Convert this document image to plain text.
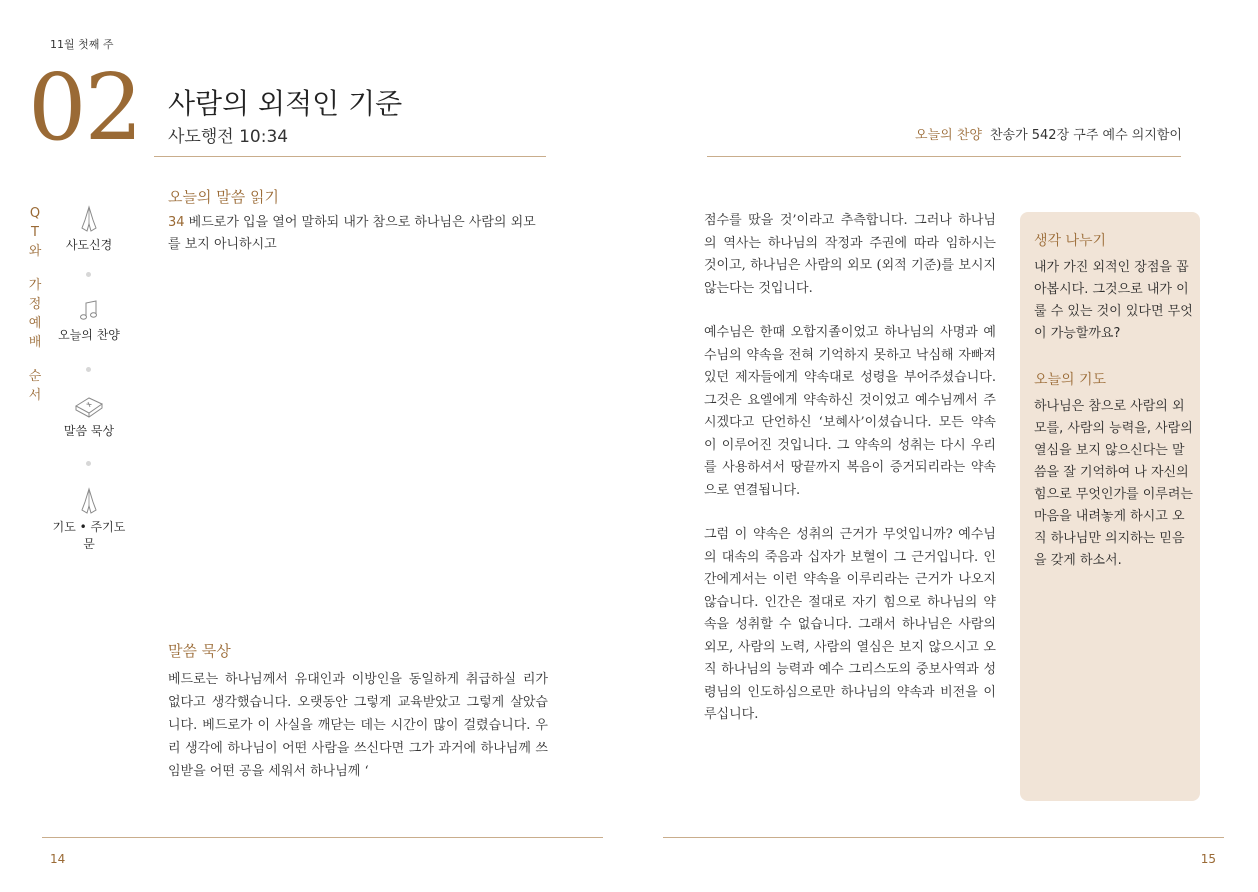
11월 첫째 주
02 사람의 외적인 기준
사도행전 10:34	오늘의 찬양 찬송가 542장 구주 예수 의지함이
Q
T
와
가
정
예
배
순
서
사도신경
오늘의 찬양
말씀 묵상
기도 • 주기도문
오늘의 말씀 읽기
34 베드로가 입을 열어 말하되 내가 참으로 하나님은 사람의 외모를 보지 아니하시고
말씀 묵상
베드로는 하나님께서 유대인과 이방인을 동일하게 취급하실 리가 없다고 생각했습니다. 오랫동안 그렇게 교육받았고 그렇게 살았습니다. 베드로가 이 사실을 깨닫는 데는 시간이 많이 걸렸습니다. 우리 생각에 하나님이 어떤 사람을 쓰신다면 그가 과거에 하나님께 쓰임받을 어떤 공을 세워서 하나님께 ‘

점수를 땄을 것’이라고 추측합니다. 그러나 하나님의 역사는 하나님의 작정과 주권에 따라 임하시는 것이고, 하나님은 사람의 외모 (외적 기준)를 보시지 않는다는 것입니다.

예수님은 한때 오합지졸이었고 하나님의 사명과 예수님의 약속을 전혀 기억하지 못하고 낙심해 자빠져 있던 제자들에게 약속대로 성령을 부어주셨습니다. 그것은 요엘에게 약속하신 것이었고 예수님께서 주시겠다고 단언하신 ‘보혜사’이셨습니다. 모든 약속이 이루어진 것입니다. 그 약속의 성취는 다시 우리를 사용하셔서 땅끝까지 복음이 증거되리라는 약속으로 연결됩니다.

그럼 이 약속은 성취의 근거가 무엇입니까? 예수님의 대속의 죽음과 십자가 보혈이 그 근거입니다. 인간에게서는 이런 약속을 이루리라는 근거가 나오지 않습니다. 인간은 절대로 자기 힘으로 하나님의 약속을 성취할 수 없습니다. 그래서 하나님은 사람의 외모, 사람의 노력, 사람의 열심은 보지 않으시고 오직 하나님의 능력과 예수 그리스도의 중보사역과 성령님의 인도하심으로만 하나님의 약속과 비전을 이루십니다.

생각 나누기
내가 가진 외적인 장점을 꼽아봅시다. 그것으로 내가 이룰 수 있는 것이 있다면 무엇이 가능할까요?
오늘의 기도
하나님은 참으로 사람의 외모를, 사람의 능력을, 사람의 열심을 보지 않으신다는 말씀을 잘 기억하여 나 자신의 힘으로 무엇인가를 이루려는 마음을 내려놓게 하시고 오직 하나님만 의지하는 믿음을 갖게 하소서.
14	15
